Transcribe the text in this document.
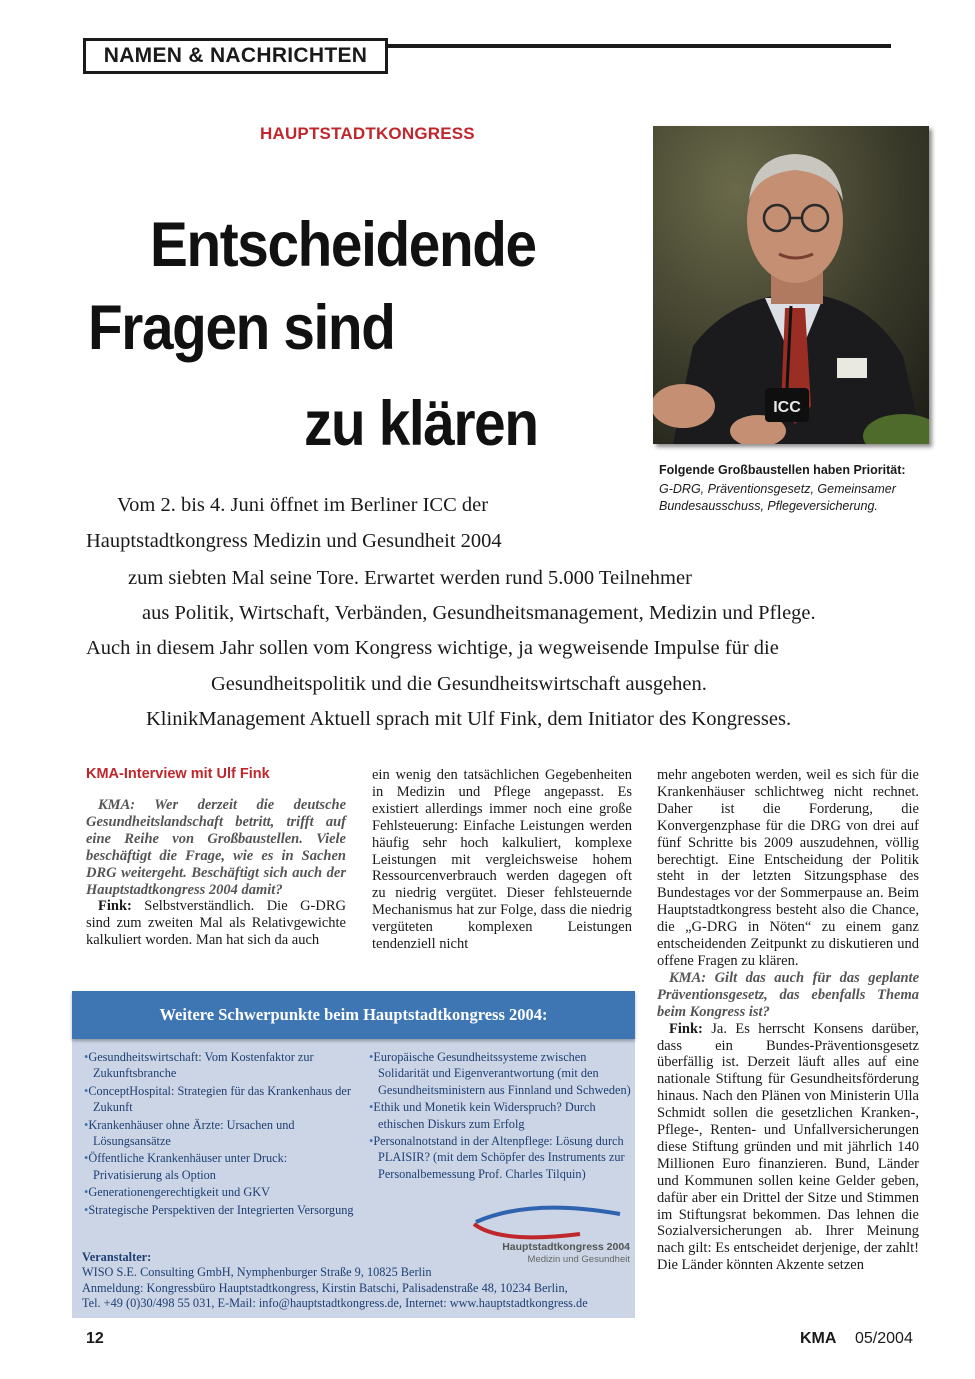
NAMEN & NACHRICHTEN
HAUPTSTADTKONGRESS
Entscheidende
Fragen sind
zu klären	ICC
Folgende Großbaustellen haben Priorität:
G-DRG, Präventionsgesetz, Gemeinsamer Bundesausschuss, Pflegeversicherung.
Vom 2. bis 4. Juni öffnet im Berliner ICC der
Hauptstadtkongress Medizin und Gesundheit 2004
zum siebten Mal seine Tore. Erwartet werden rund 5.000 Teilnehmer
aus Politik, Wirtschaft, Verbänden, Gesundheitsmanagement, Medizin und Pflege.
Auch in diesem Jahr sollen vom Kongress wichtige, ja wegweisende Impulse für die
Gesundheitspolitik und die Gesundheitswirtschaft ausgehen.
KlinikManagement Aktuell sprach mit Ulf Fink, dem Initiator des Kongresses.
KMA-Interview mit Ulf Fink

KMA: Wer derzeit die deutsche Gesundheitslandschaft betritt, trifft auf eine Reihe von Großbaustellen. Viele beschäftigt die Frage, wie es in Sachen DRG weitergeht. Beschäftigt sich auch der Hauptstadtkongress 2004 damit?

Fink: Selbstverständlich. Die G-DRG sind zum zweiten Mal als Relativgewichte kalkuliert worden. Man hat sich da auch

ein wenig den tatsächlichen Gegebenheiten in Medizin und Pflege angepasst. Es existiert allerdings immer noch eine große Fehlsteuerung: Einfache Leistungen werden häufig sehr hoch kalkuliert, komplexe Leistungen mit vergleichsweise hohem Ressourcenverbrauch werden dagegen oft zu niedrig vergütet. Dieser fehlsteuernde Mechanismus hat zur Folge, dass die niedrig vergüteten komplexen Leistungen tendenziell nicht

mehr angeboten werden, weil es sich für die Krankenhäuser schlichtweg nicht rechnet. Daher ist die Forderung, die Konvergenzphase für die DRG von drei auf fünf Schritte bis 2009 auszudehnen, völlig berechtigt. Eine Entscheidung der Politik steht in der letzten Sitzungsphase des Bundestages vor der Sommerpause an. Beim Hauptstadtkongress besteht also die Chance, die „G-DRG in Nöten“ zu einem ganz entscheidenden Zeitpunkt zu diskutieren und offene Fragen zu klären.

KMA: Gilt das auch für das geplante Präventionsgesetz, das ebenfalls Thema beim Kongress ist?

Fink: Ja. Es herrscht Konsens darüber, dass ein Bundes-Präventionsgesetz überfällig ist. Derzeit läuft alles auf eine nationale Stiftung für Gesundheitsförderung hinaus. Nach den Plänen von Ministerin Ulla Schmidt sollen die gesetzlichen Kranken-, Pflege-, Renten- und Unfallversicherungen diese Stiftung gründen und mit jährlich 140 Millionen Euro finanzieren. Bund, Länder und Kommunen sollen keine Gelder geben, dafür aber ein Drittel der Sitze und Stimmen im Stiftungsrat bekommen. Das lehnen die Sozialversicherungen ab. Ihrer Meinung nach gilt: Es entscheidet derjenige, der zahlt! Die Länder könnten Akzente setzen

Weitere Schwerpunkte beim Hauptstadtkongress 2004:
•Gesundheitswirtschaft: Vom Kostenfaktor zur Zukunftsbranche
•ConceptHospital: Strategien für das Krankenhaus der Zukunft
•Krankenhäuser ohne Ärzte: Ursachen und Lösungsansätze
•Öffentliche Krankenhäuser unter Druck: Privatisierung als Option
•Generationengerechtigkeit und GKV
•Strategische Perspektiven der Integrierten Versorgung
•Europäische Gesundheitssysteme zwischen Solidarität und Eigenverantwortung (mit den Gesundheitsministern aus Finnland und Schweden)
•Ethik und Monetik kein Widerspruch? Durch ethischen Diskurs zum Erfolg
•Personalnotstand in der Altenpflege: Lösung durch PLAISIR? (mit dem Schöpfer des Instruments zur Personalbemessung Prof. Charles Tilquin)
Hauptstadtkongress 2004
Medizin und Gesundheit
Veranstalter:
WISO S.E. Consulting GmbH, Nymphenburger Straße 9, 10825 Berlin
Anmeldung: Kongressbüro Hauptstadtkongress, Kirstin Batschi, Palisadenstraße 48, 10234 Berlin,
Tel. +49 (0)30/498 55 031, E-Mail: info@hauptstadtkongress.de, Internet: www.hauptstadtkongress.de
12	KMA 05/2004
